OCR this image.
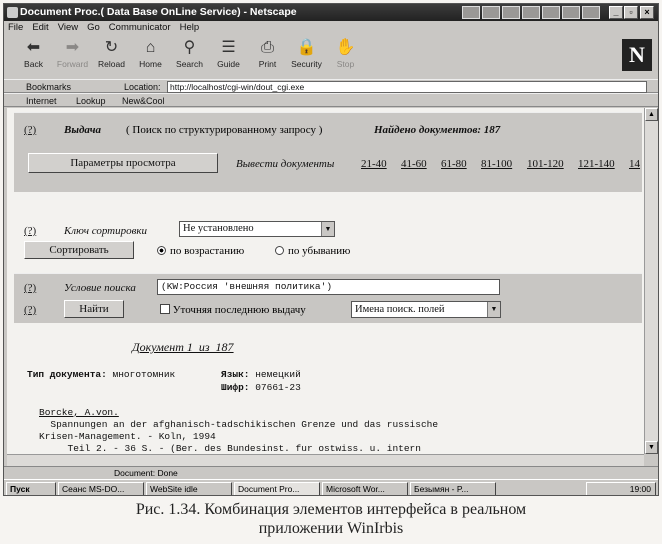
Document Proc.( Data Base OnLine Service) - Netscape	_	▫	×
File Edit View Go Communicator Help
⬅
Back
➡
Forward
↻
Reload
⌂
Home
⚲
Search
☰
Guide
⎙
Print
🔒
Security
✋
Stop	N
Bookmarks	Location:	http://localhost/cgi-win/dout_cgi.exe
Internet Lookup New&Cool
(?)	Выдача ( Поиск по структурированному запросу )	Найдено документов: 187
Параметры просмотра	Вывести документы 21-40 41-60 61-80 81-100 101-120 121-140 14
(?)	Ключ сортировки	Не установлено	▼
Сортировать	по возрастанию	по убыванию
(?)	Условие поиска	(KW:Россия 'внешняя политика')
(?)	Найти	Уточняя последнюю выдачу	Имена поиск. полей	▼
Документ 1  из  187
Тип документа: многотомник	Язык: немецкий
Шифр: 07661-23
Borcke, A.von.
Spannungen an der afghanisch-tadschikischen Grenze und das russische
Krisen-Management. - Koln, 1994
Teil 2. - 36 S. - (Ber. des Bundesinst. fur ostwiss. u. intern
▲
▼
Document: Done
Пуск	Сеанс MS-DO...	WebSite idle	Document Pro...	Microsoft Wor...	Безымян - P...	19:00
Рис. 1.34. Комбинация элементов интерфейса в реальном
приложении WinIrbis
